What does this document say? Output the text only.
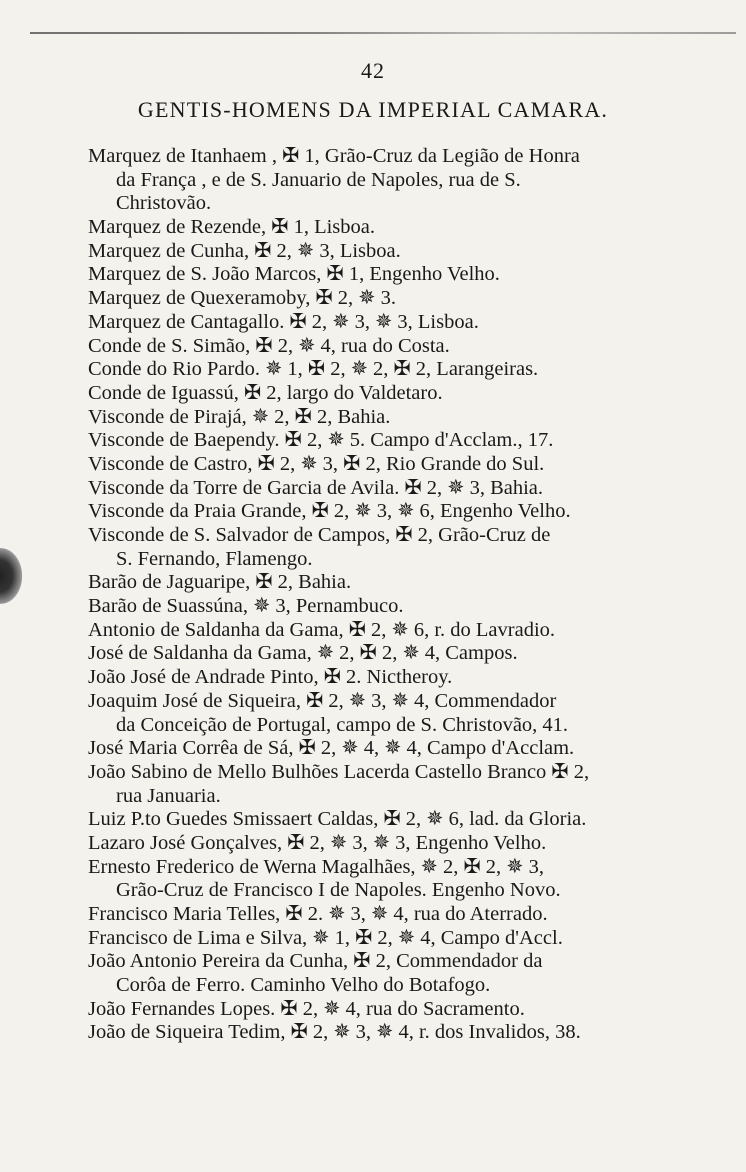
42
GENTIS-HOMENS DA IMPERIAL CAMARA.
Marquez de Itanhaem , ✠ 1, Grão-Cruz da Legião de Honra
da França , e de S. Januario de Napoles, rua de S.
Christovão.
Marquez de Rezende, ✠ 1, Lisboa.
Marquez de Cunha, ✠ 2, ✵ 3, Lisboa.
Marquez de S. João Marcos, ✠ 1, Engenho Velho.
Marquez de Quexeramoby, ✠ 2, ✵ 3.
Marquez de Cantagallo. ✠ 2, ✵ 3, ✵ 3, Lisboa.
Conde de S. Simão, ✠ 2, ✵ 4, rua do Costa.
Conde do Rio Pardo. ✵ 1, ✠ 2, ✵ 2, ✠ 2, Larangeiras.
Conde de Iguassú, ✠ 2, largo do Valdetaro.
Visconde de Pirajá, ✵ 2, ✠ 2, Bahia.
Visconde de Baependy. ✠ 2, ✵ 5. Campo d'Acclam., 17.
Visconde de Castro, ✠ 2, ✵ 3, ✠ 2, Rio Grande do Sul.
Visconde da Torre de Garcia de Avila. ✠ 2, ✵ 3, Bahia.
Visconde da Praia Grande, ✠ 2, ✵ 3, ✵ 6, Engenho Velho.
Visconde de S. Salvador de Campos, ✠ 2, Grão-Cruz de
S. Fernando, Flamengo.
Barão de Jaguaripe, ✠ 2, Bahia.
Barão de Suassúna, ✵ 3, Pernambuco.
Antonio de Saldanha da Gama, ✠ 2, ✵ 6, r. do Lavradio.
José de Saldanha da Gama, ✵ 2, ✠ 2, ✵ 4, Campos.
João José de Andrade Pinto, ✠ 2. Nictheroy.
Joaquim José de Siqueira, ✠ 2, ✵ 3, ✵ 4, Commendador
da Conceição de Portugal, campo de S. Christovão, 41.
José Maria Corrêa de Sá, ✠ 2, ✵ 4, ✵ 4, Campo d'Acclam.
João Sabino de Mello Bulhões Lacerda Castello Branco ✠ 2,
rua Januaria.
Luiz P.to Guedes Smissaert Caldas, ✠ 2, ✵ 6, lad. da Gloria.
Lazaro José Gonçalves, ✠ 2, ✵ 3, ✵ 3, Engenho Velho.
Ernesto Frederico de Werna Magalhães, ✵ 2, ✠ 2, ✵ 3,
Grão-Cruz de Francisco I de Napoles. Engenho Novo.
Francisco Maria Telles, ✠ 2. ✵ 3, ✵ 4, rua do Aterrado.
Francisco de Lima e Silva, ✵ 1, ✠ 2, ✵ 4, Campo d'Accl.
João Antonio Pereira da Cunha, ✠ 2, Commendador da
Corôa de Ferro. Caminho Velho do Botafogo.
João Fernandes Lopes. ✠ 2, ✵ 4, rua do Sacramento.
João de Siqueira Tedim, ✠ 2, ✵ 3, ✵ 4, r. dos Invalidos, 38.
